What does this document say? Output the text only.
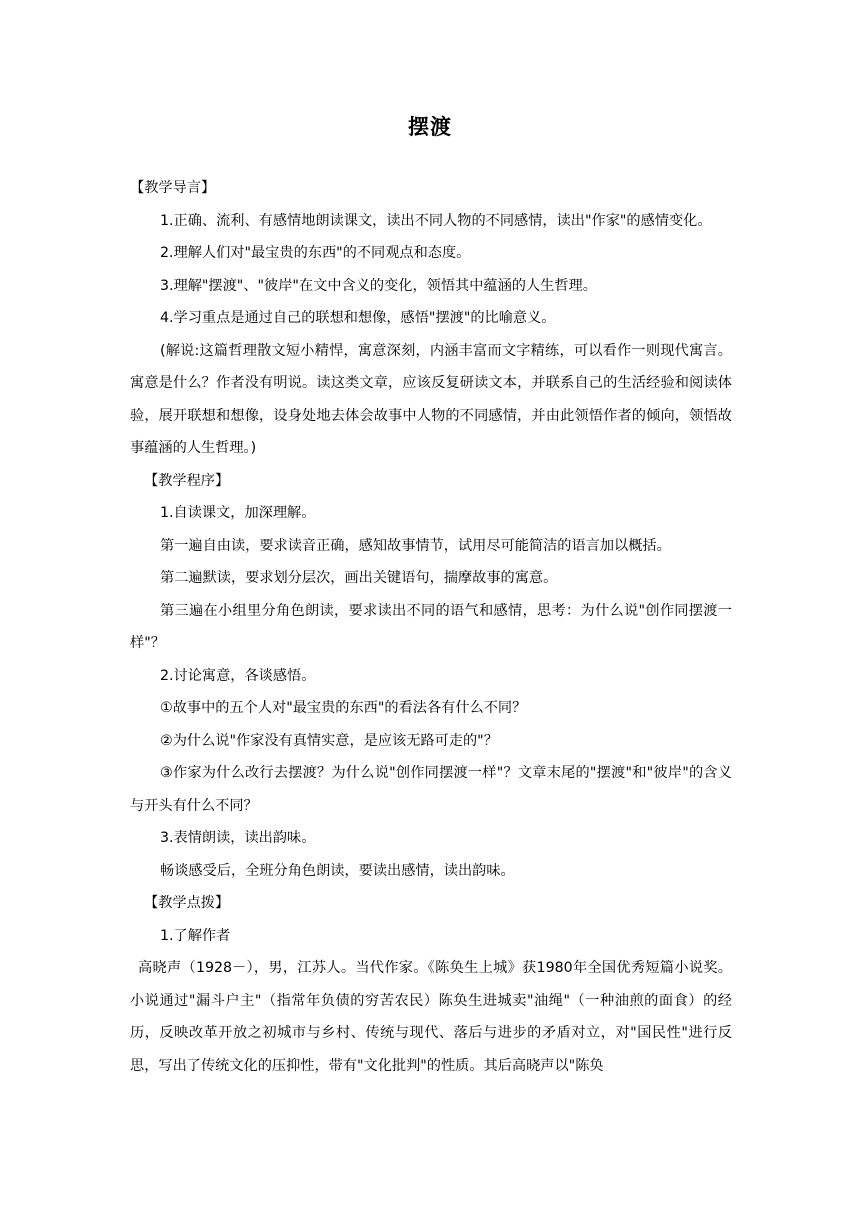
摆渡

【教学导言】

1.正确、流利、有感情地朗读课文，读出不同人物的不同感情，读出"作家"的感情变化。

2.理解人们对"最宝贵的东西"的不同观点和态度。

3.理解"摆渡"、"彼岸"在文中含义的变化，领悟其中蕴涵的人生哲理。

4.学习重点是通过自己的联想和想像，感悟"摆渡"的比喻意义。

(解说:这篇哲理散文短小精悍，寓意深刻，内涵丰富而文字精练，可以看作一则现代寓言。寓意是什么？作者没有明说。读这类文章，应该反复研读文本，并联系自己的生活经验和阅读体验，展开联想和想像，设身处地去体会故事中人物的不同感情，并由此领悟作者的倾向，领悟故事蕴涵的人生哲理。)

【教学程序】

1.自读课文，加深理解。

第一遍自由读，要求读音正确，感知故事情节，试用尽可能简洁的语言加以概括。

第二遍默读，要求划分层次，画出关键语句，揣摩故事的寓意。

第三遍在小组里分角色朗读，要求读出不同的语气和感情，思考：为什么说"创作同摆渡一样"？

2.讨论寓意，各谈感悟。

①故事中的五个人对"最宝贵的东西"的看法各有什么不同？

②为什么说"作家没有真情实意，是应该无路可走的"？

③作家为什么改行去摆渡？为什么说"创作同摆渡一样"？文章末尾的"摆渡"和"彼岸"的含义与开头有什么不同？

3.表情朗读，读出韵味。

畅谈感受后，全班分角色朗读，要读出感情，读出韵味。

【教学点拨】

1.了解作者

高晓声（1928－），男，江苏人。当代作家。《陈奂生上城》获1980年全国优秀短篇小说奖。小说通过"漏斗户主"（指常年负债的穷苦农民）陈奂生进城卖"油绳"（一种油煎的面食）的经历，反映改革开放之初城市与乡村、传统与现代、落后与进步的矛盾对立，对"国民性"进行反思，写出了传统文化的压抑性，带有"文化批判"的性质。其后高晓声以"陈奂
